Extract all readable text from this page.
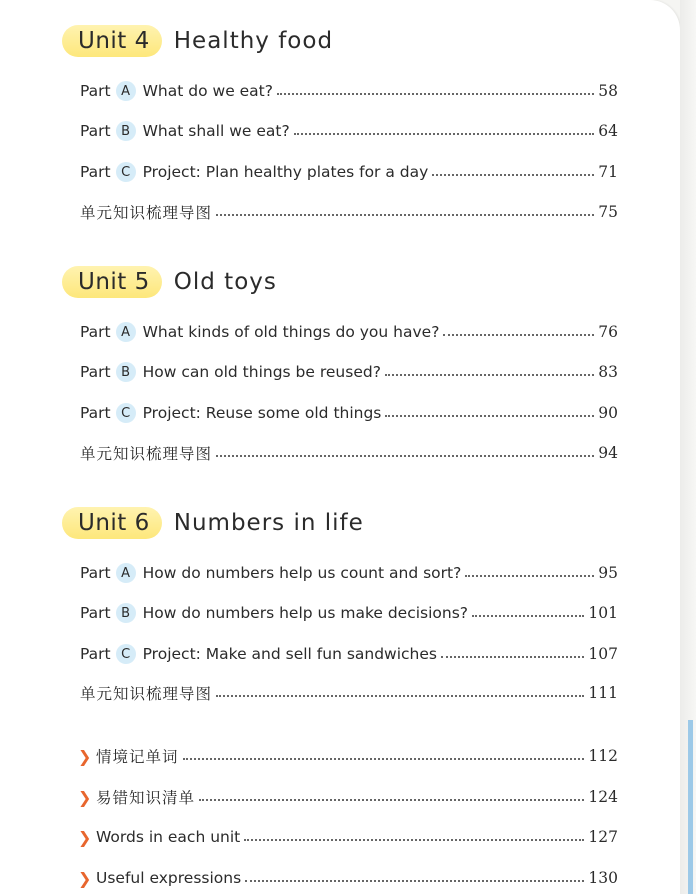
Unit 4	Healthy food
Part A What do we eat?	58
Part B What shall we eat?	64
Part C Project: Plan healthy plates for a day	71
单元知识梳理导图	75
Unit 5	Old toys
Part A What kinds of old things do you have?	76
Part B How can old things be reused?	83
Part C Project: Reuse some old things	90
单元知识梳理导图	94
Unit 6	Numbers in life
Part A How do numbers help us count and sort?	95
Part B How do numbers help us make decisions?	101
Part C Project: Make and sell fun sandwiches	107
单元知识梳理导图	111
❯ 情境记单词	112
❯ 易错知识清单	124
❯ Words in each unit	127
❯ Useful expressions	130
